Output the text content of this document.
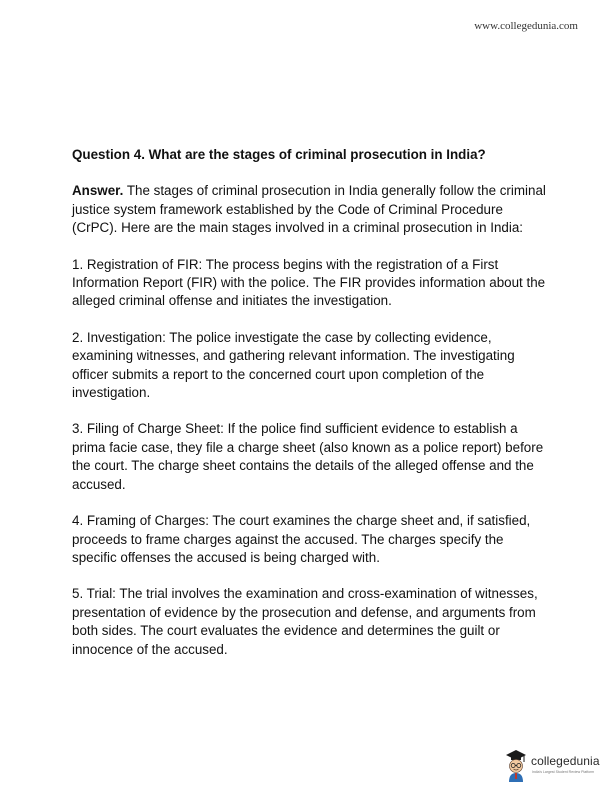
www.collegedunia.com

Question 4. What are the stages of criminal prosecution in India?

Answer. The stages of criminal prosecution in India generally follow the criminal justice system framework established by the Code of Criminal Procedure (CrPC). Here are the main stages involved in a criminal prosecution in India:

1. Registration of FIR: The process begins with the registration of a First Information Report (FIR) with the police. The FIR provides information about the alleged criminal offense and initiates the investigation.

2. Investigation: The police investigate the case by collecting evidence, examining witnesses, and gathering relevant information. The investigating officer submits a report to the concerned court upon completion of the investigation.

3. Filing of Charge Sheet: If the police find sufficient evidence to establish a prima facie case, they file a charge sheet (also known as a police report) before the court. The charge sheet contains the details of the alleged offense and the accused.

4. Framing of Charges: The court examines the charge sheet and, if satisfied, proceeds to frame charges against the accused. The charges specify the specific offenses the accused is being charged with.

5. Trial: The trial involves the examination and cross-examination of witnesses, presentation of evidence by the prosecution and defense, and arguments from both sides. The court evaluates the evidence and determines the guilt or innocence of the accused.

collegedunia
India's Largest Student Review Platform
